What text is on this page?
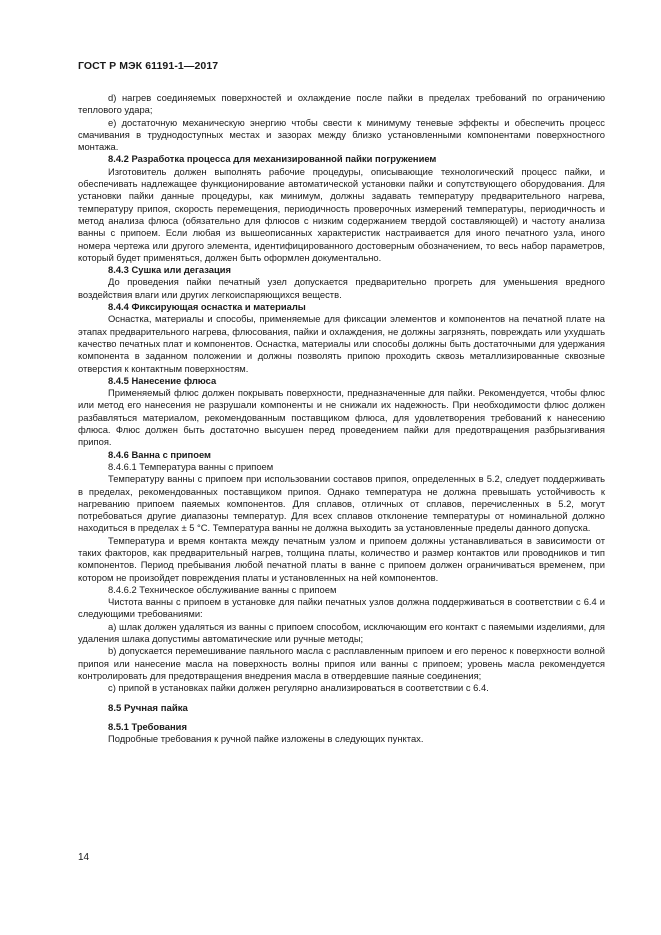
ГОСТ Р МЭК 61191-1—2017

d) нагрев соединяемых поверхностей и охлаждение после пайки в пределах требований по ограничению теплового удара;

e) достаточную механическую энергию чтобы свести к минимуму теневые эффекты и обеспечить процесс смачивания в труднодоступных местах и зазорах между близко установленными компонентами поверхностного монтажа.

8.4.2 Разработка процесса для механизированной пайки погружением

Изготовитель должен выполнять рабочие процедуры, описывающие технологический процесс пайки, и обеспечивать надлежащее функционирование автоматической установки пайки и сопутствующего оборудования. Для установки пайки данные процедуры, как минимум, должны задавать температуру предварительного нагрева, температуру припоя, скорость перемещения, периодичность проверочных измерений температуры, периодичность и метод анализа флюса (обязательно для флюсов с низким содержанием твердой составляющей) и частоту анализа ванны с припоем. Если любая из вышеописанных характеристик настраивается для иного печатного узла, иного номера чертежа или другого элемента, идентифицированного достоверным обозначением, то весь набор параметров, который будет применяться, должен быть оформлен документально.

8.4.3 Сушка или дегазация

До проведения пайки печатный узел допускается предварительно прогреть для уменьшения вредного воздействия влаги или других легкоиспаряющихся веществ.

8.4.4 Фиксирующая оснастка и материалы

Оснастка, материалы и способы, применяемые для фиксации элементов и компонентов на печатной плате на этапах предварительного нагрева, флюсования, пайки и охлаждения, не должны загрязнять, повреждать или ухудшать качество печатных плат и компонентов. Оснастка, материалы или способы должны быть достаточными для удержания компонента в заданном положении и должны позволять припою проходить сквозь металлизированные сквозные отверстия к контактным поверхностям.

8.4.5 Нанесение флюса

Применяемый флюс должен покрывать поверхности, предназначенные для пайки. Рекомендуется, чтобы флюс или метод его нанесения не разрушали компоненты и не снижали их надежность. При необходимости флюс должен разбавляться материалом, рекомендованным поставщиком флюса, для удовлетворения требований к нанесению флюса. Флюс должен быть достаточно высушен перед проведением пайки для предотвращения разбрызгивания припоя.

8.4.6 Ванна с припоем
8.4.6.1 Температура ванны с припоем

Температуру ванны с припоем при использовании составов припоя, определенных в 5.2, следует поддерживать в пределах, рекомендованных поставщиком припоя. Однако температура не должна превышать устойчивость к нагреванию припоем паяемых компонентов. Для сплавов, отличных от сплавов, перечисленных в 5.2, могут потребоваться другие диапазоны температур. Для всех сплавов отклонение температуры от номинальной должно находиться в пределах ± 5 °С. Температура ванны не должна выходить за установленные пределы данного допуска.

Температура и время контакта между печатным узлом и припоем должны устанавливаться в зависимости от таких факторов, как предварительный нагрев, толщина платы, количество и размер контактов или проводников и тип компонентов. Период пребывания любой печатной платы в ванне с припоем должен ограничиваться временем, при котором не произойдет повреждения платы и установленных на ней компонентов.

8.4.6.2 Техническое обслуживание ванны с припоем

Чистота ванны с припоем в установке для пайки печатных узлов должна поддерживаться в соответствии с 6.4 и следующими требованиями:

a) шлак должен удаляться из ванны с припоем способом, исключающим его контакт с паяемыми изделиями, для удаления шлака допустимы автоматические или ручные методы;

b) допускается перемешивание паяльного масла с расплавленным припоем и его перенос к поверхности волной припоя или нанесение масла на поверхность волны припоя или ванны с припоем; уровень масла рекомендуется контролировать для предотвращения внедрения масла в отвердевшие паяные соединения;

c) припой в установках пайки должен регулярно анализироваться в соответствии с 6.4.

8.5 Ручная пайка
8.5.1 Требования

Подробные требования к ручной пайке изложены в следующих пунктах.

14
